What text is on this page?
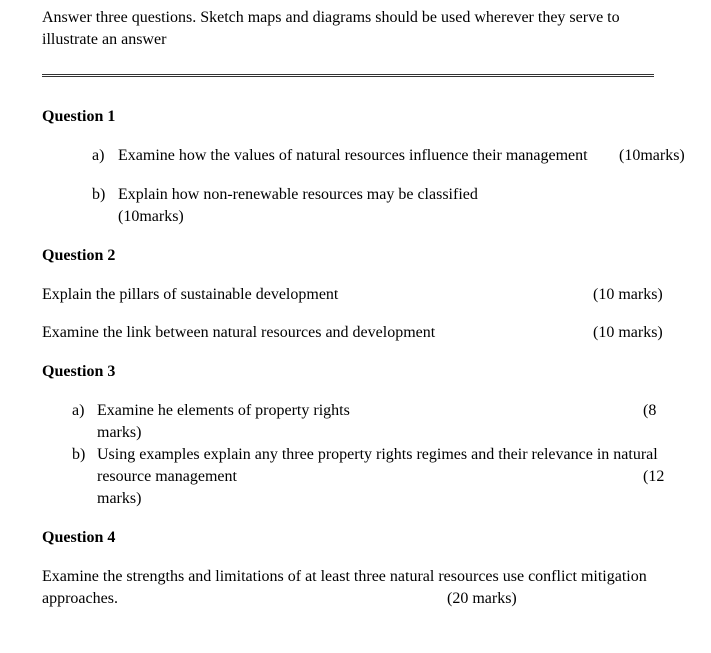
Answer three questions. Sketch maps and diagrams should be used wherever they serve to
illustrate an answer
Question 1
a) Examine how the values of natural resources influence their management (10marks)
b) Explain how non-renewable resources may be classified
(10marks)
Question 2
Explain the pillars of sustainable development	(10 marks)
Examine the link between natural resources and development	(10 marks)
Question 3
a) Examine he elements of property rights	(8
marks)
b) Using examples explain any three property rights regimes and their relevance in natural
resource management	(12
marks)
Question 4
Examine the strengths and limitations of at least three natural resources use conflict mitigation
approaches.	(20 marks)
